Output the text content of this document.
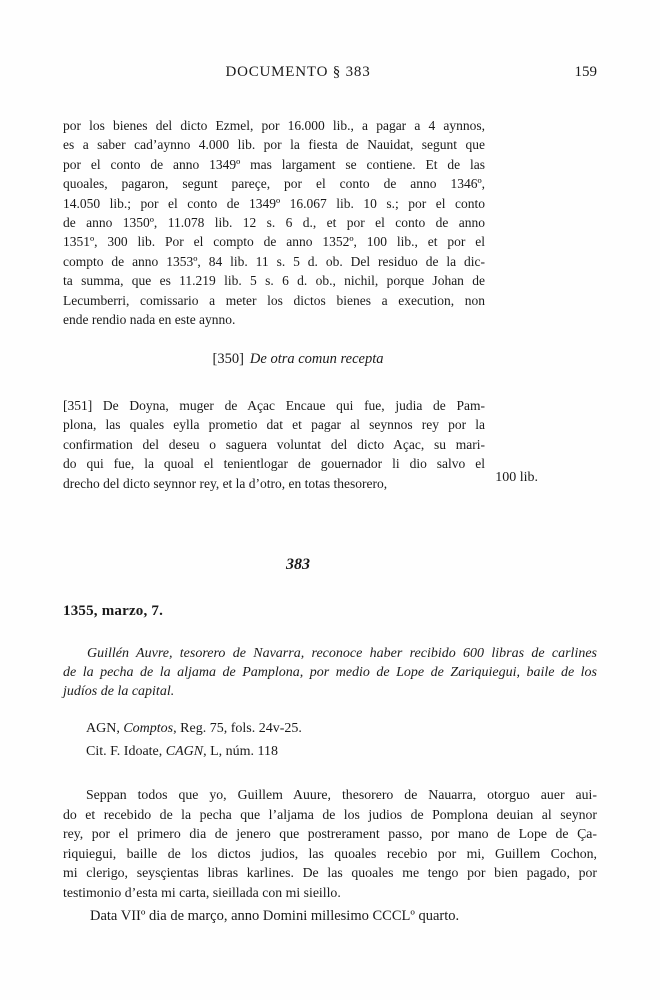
DOCUMENTO § 383	159
por los bienes del dicto Ezmel, por 16.000 lib., a pagar a 4 aynnos,
es a saber cad’aynno 4.000 lib. por la fiesta de Nauidat, segunt que
por el conto de anno 1349º mas largament se contiene. Et de las
quoales, pagaron, segunt pareçe, por el conto de anno 1346º,
14.050 lib.; por el conto de 1349º 16.067 lib. 10 s.; por el conto
de anno 1350º, 11.078 lib. 12 s. 6 d., et por el conto de anno
1351º, 300 lib. Por el compto de anno 1352º, 100 lib., et por el
compto de anno 1353º, 84 lib. 11 s. 5 d. ob. Del residuo de la dic-
ta summa, que es 11.219 lib. 5 s. 6 d. ob., nichil, porque Johan de
Lecumberri, comissario a meter los dictos bienes a execution, non
ende rendio nada en este aynno.
[350] De otra comun recepta
[351] De Doyna, muger de Açac Encaue qui fue, judia de Pam-
plona, las quales eylla prometio dat et pagar al seynnos rey por la
confirmation del deseu o saguera voluntat del dicto Açac, su mari-
do qui fue, la quoal el tenientlogar de gouernador li dio salvo el
drecho del dicto seynnor rey, et la d’otro, en totas thesorero,	100 lib.
383
1355, marzo, 7.
Guillén Auvre, tesorero de Navarra, reconoce haber recibido 600 libras de carlines
de la pecha de la aljama de Pamplona, por medio de Lope de Zariquiegui, baile de los
judíos de la capital.
AGN, Comptos, Reg. 75, fols. 24v-25.
Cit. F. Idoate, CAGN, L, núm. 118
Seppan todos que yo, Guillem Auure, thesorero de Nauarra, otorguo auer aui-
do et recebido de la pecha que l’aljama de los judios de Pomplona deuian al seynor
rey, por el primero dia de jenero que postrerament passo, por mano de Lope de Ça-
riquiegui, baille de los dictos judios, las quoales recebio por mi, Guillem Cochon,
mi clerigo, seysçientas libras karlines. De las quoales me tengo por bien pagado, por
testimonio d’esta mi carta, sieillada con mi sieillo.
Data VIIº dia de março, anno Domini millesimo CCCLº quarto.
